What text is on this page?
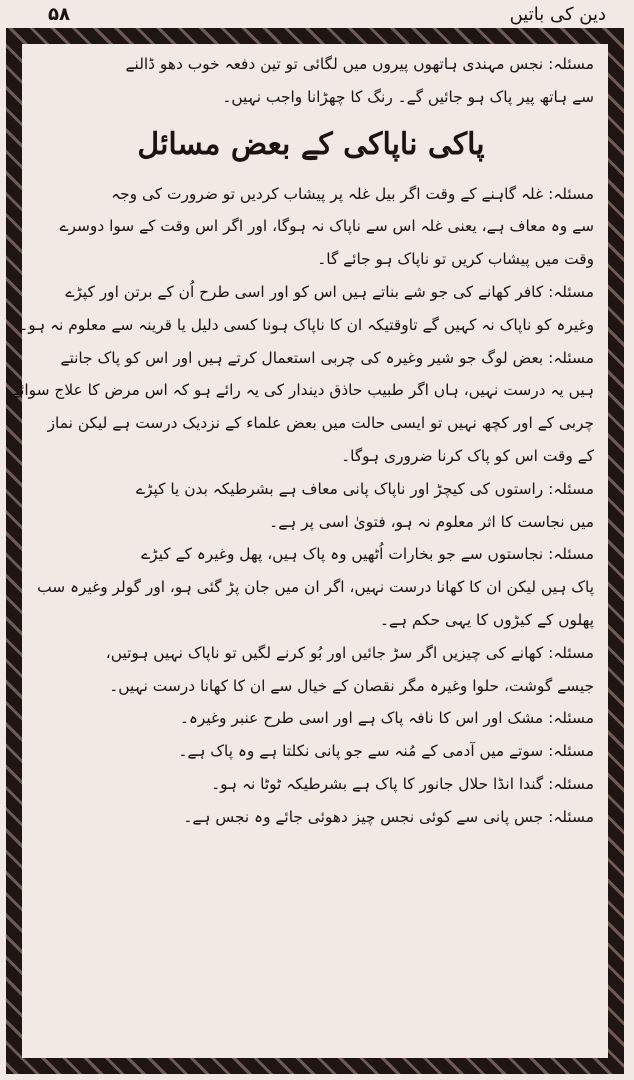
۵۸	دین کی باتیں

مسئلہ: نجس مہندی ہاتھوں پیروں میں لگائی تو تین دفعہ خوب دھو ڈالنے

سے ہاتھ پیر پاک ہو جائیں گے۔ رنگ کا چھڑانا واجب نہیں۔

پاکی ناپاکی کے بعض مسائل

مسئلہ: غلہ گاہنے کے وقت اگر بیل غلہ پر پیشاب کردیں تو ضرورت کی وجہ

سے وہ معاف ہے، یعنی غلہ اس سے ناپاک نہ ہوگا، اور اگر اس وقت کے سوا دوسرے

وقت میں پیشاب کریں تو ناپاک ہو جائے گا۔

مسئلہ: کافر کھانے کی جو شے بناتے ہیں اس کو اور اسی طرح اُن کے برتن اور کپڑے

وغیرہ کو ناپاک نہ کہیں گے تاوقتیکہ ان کا ناپاک ہونا کسی دلیل یا قرینہ سے معلوم نہ ہو۔

مسئلہ: بعض لوگ جو شیر وغیرہ کی چربی استعمال کرتے ہیں اور اس کو پاک جانتے

ہیں یہ درست نہیں، ہاں اگر طبیب حاذق دیندار کی یہ رائے ہو کہ اس مرض کا علاج سوائے

چربی کے اور کچھ نہیں تو ایسی حالت میں بعض علماء کے نزدیک درست ہے لیکن نماز

کے وقت اس کو پاک کرنا ضروری ہوگا۔

مسئلہ: راستوں کی کیچڑ اور ناپاک پانی معاف ہے بشرطیکہ بدن یا کپڑے

میں نجاست کا اثر معلوم نہ ہو، فتویٰ اسی پر ہے۔

مسئلہ: نجاستوں سے جو بخارات اُٹھیں وہ پاک ہیں، پھل وغیرہ کے کیڑے

پاک ہیں لیکن ان کا کھانا درست نہیں، اگر ان میں جان پڑ گئی ہو، اور گولر وغیرہ سب

پھلوں کے کیڑوں کا یہی حکم ہے۔

مسئلہ: کھانے کی چیزیں اگر سڑ جائیں اور بُو کرنے لگیں تو ناپاک نہیں ہوتیں،

جیسے گوشت، حلوا وغیرہ مگر نقصان کے خیال سے ان کا کھانا درست نہیں۔

مسئلہ: مشک اور اس کا نافہ پاک ہے اور اسی طرح عنبر وغیرہ۔

مسئلہ: سوتے میں آدمی کے مُنہ سے جو پانی نکلتا ہے وہ پاک ہے۔

مسئلہ: گندا انڈا حلال جانور کا پاک ہے بشرطیکہ ٹوٹا نہ ہو۔

مسئلہ: جس پانی سے کوئی نجس چیز دھوئی جائے وہ نجس ہے۔
